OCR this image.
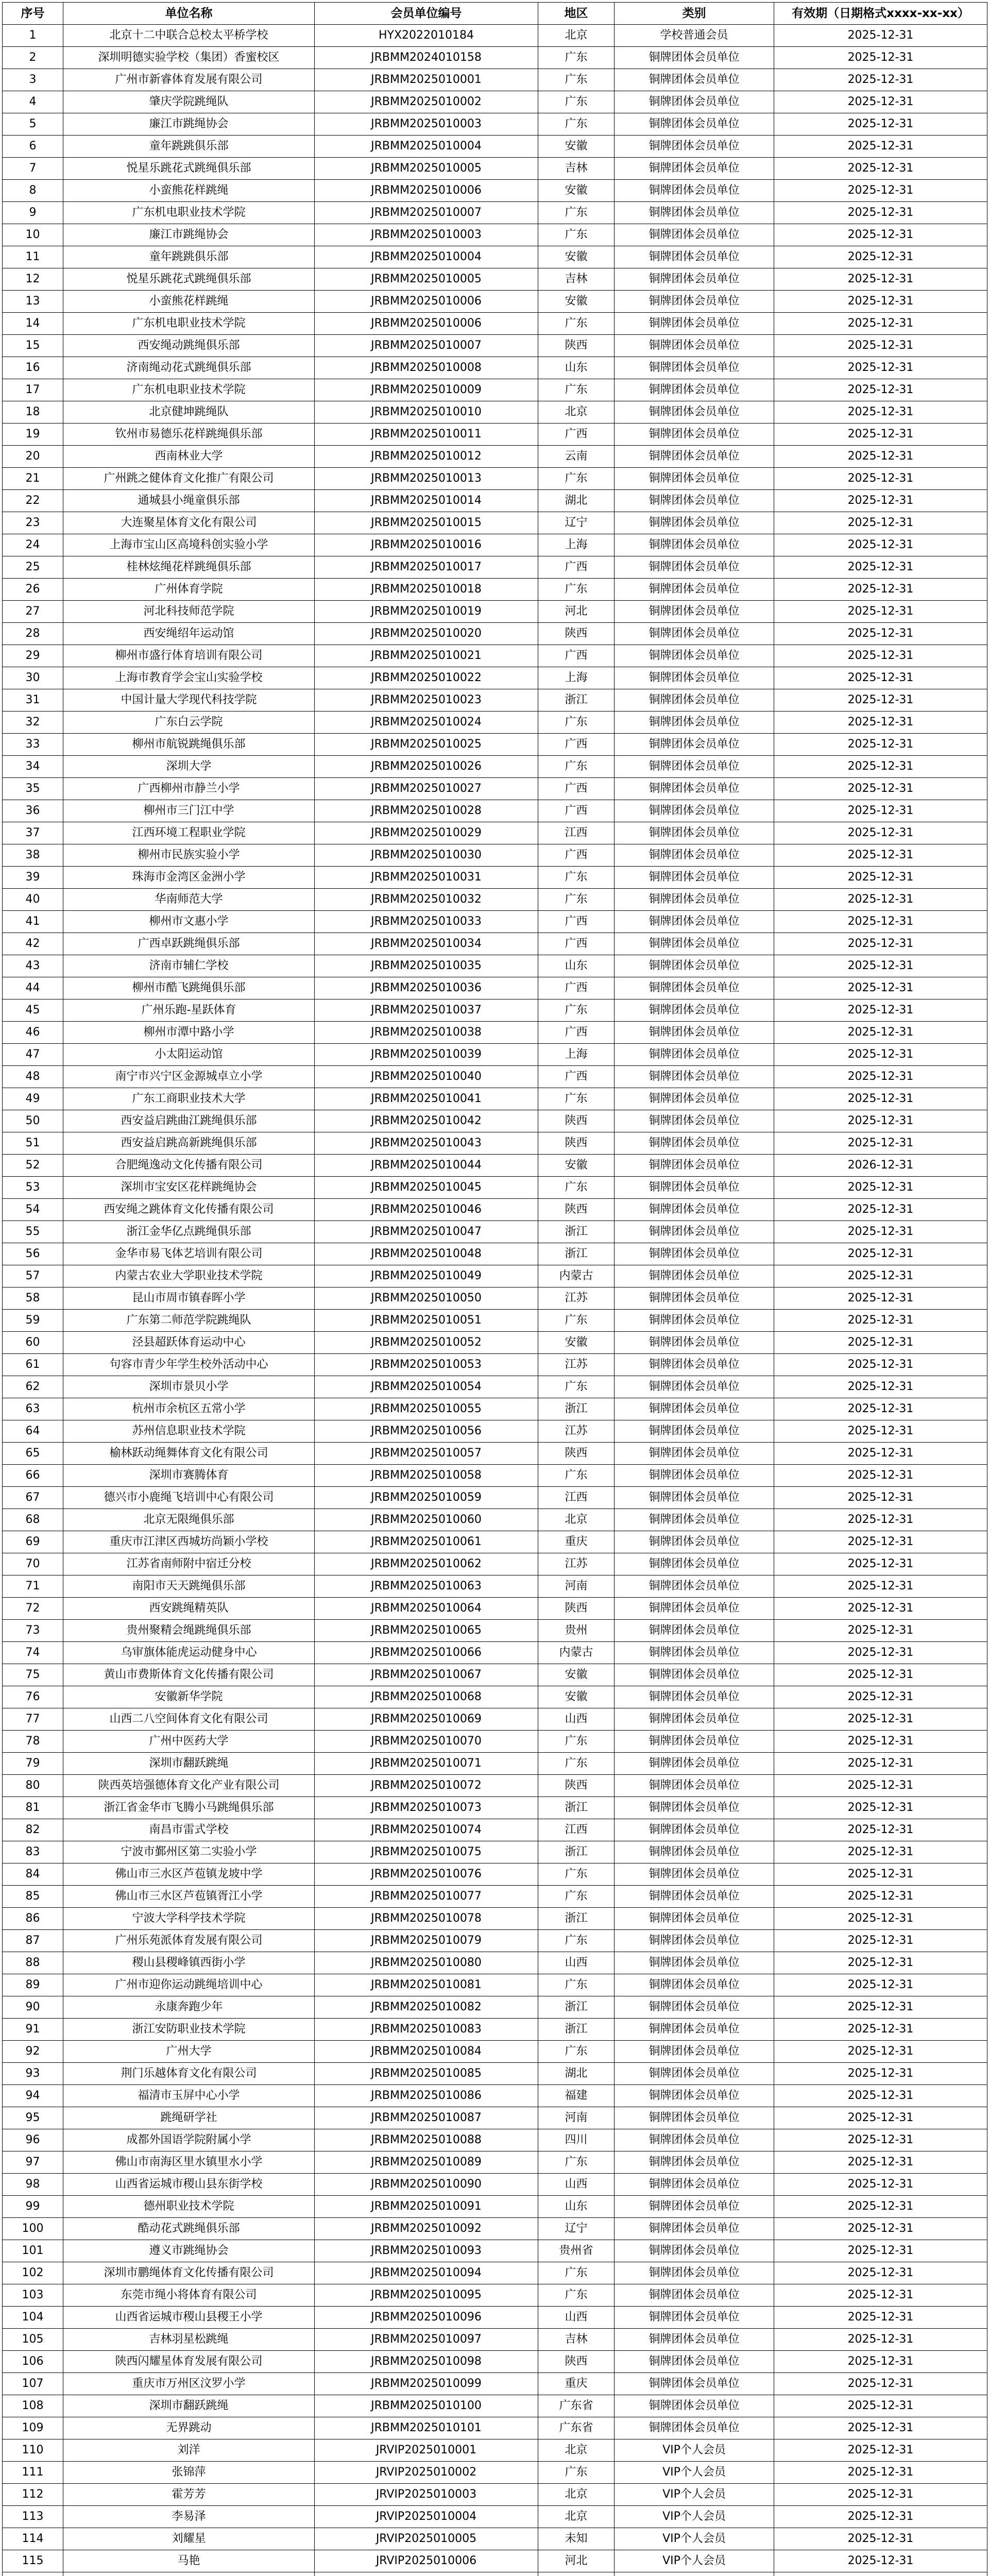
序号	单位名称	会员单位编号	地区	类别	有效期（日期格式xxxx-xx-xx）
1	北京十二中联合总校太平桥学校	HYX2022010184	北京	学校普通会员	2025-12-31
2	深圳明德实验学校（集团）香蜜校区	JRBMM2024010158	广东	铜牌团体会员单位	2025-12-31
3	广州市新睿体育发展有限公司	JRBMM2025010001	广东	铜牌团体会员单位	2025-12-31
4	肇庆学院跳绳队	JRBMM2025010002	广东	铜牌团体会员单位	2025-12-31
5	廉江市跳绳协会	JRBMM2025010003	广东	铜牌团体会员单位	2025-12-31
6	童年跳跳俱乐部	JRBMM2025010004	安徽	铜牌团体会员单位	2025-12-31
7	悦星乐跳花式跳绳俱乐部	JRBMM2025010005	吉林	铜牌团体会员单位	2025-12-31
8	小蛮熊花样跳绳	JRBMM2025010006	安徽	铜牌团体会员单位	2025-12-31
9	广东机电职业技术学院	JRBMM2025010007	广东	铜牌团体会员单位	2025-12-31
10	廉江市跳绳协会	JRBMM2025010003	广东	铜牌团体会员单位	2025-12-31
11	童年跳跳俱乐部	JRBMM2025010004	安徽	铜牌团体会员单位	2025-12-31
12	悦星乐跳花式跳绳俱乐部	JRBMM2025010005	吉林	铜牌团体会员单位	2025-12-31
13	小蛮熊花样跳绳	JRBMM2025010006	安徽	铜牌团体会员单位	2025-12-31
14	广东机电职业技术学院	JRBMM2025010006	广东	铜牌团体会员单位	2025-12-31
15	西安绳动跳绳俱乐部	JRBMM2025010007	陕西	铜牌团体会员单位	2025-12-31
16	济南绳动花式跳绳俱乐部	JRBMM2025010008	山东	铜牌团体会员单位	2025-12-31
17	广东机电职业技术学院	JRBMM2025010009	广东	铜牌团体会员单位	2025-12-31
18	北京健坤跳绳队	JRBMM2025010010	北京	铜牌团体会员单位	2025-12-31
19	钦州市易德乐花样跳绳俱乐部	JRBMM2025010011	广西	铜牌团体会员单位	2025-12-31
20	西南林业大学	JRBMM2025010012	云南	铜牌团体会员单位	2025-12-31
21	广州跳之健体育文化推广有限公司	JRBMM2025010013	广东	铜牌团体会员单位	2025-12-31
22	通城县小绳童俱乐部	JRBMM2025010014	湖北	铜牌团体会员单位	2025-12-31
23	大连聚星体育文化有限公司	JRBMM2025010015	辽宁	铜牌团体会员单位	2025-12-31
24	上海市宝山区高境科创实验小学	JRBMM2025010016	上海	铜牌团体会员单位	2025-12-31
25	桂林炫绳花样跳绳俱乐部	JRBMM2025010017	广西	铜牌团体会员单位	2025-12-31
26	广州体育学院	JRBMM2025010018	广东	铜牌团体会员单位	2025-12-31
27	河北科技师范学院	JRBMM2025010019	河北	铜牌团体会员单位	2025-12-31
28	西安绳绍年运动馆	JRBMM2025010020	陕西	铜牌团体会员单位	2025-12-31
29	柳州市盛行体育培训有限公司	JRBMM2025010021	广西	铜牌团体会员单位	2025-12-31
30	上海市教育学会宝山实验学校	JRBMM2025010022	上海	铜牌团体会员单位	2025-12-31
31	中国计量大学现代科技学院	JRBMM2025010023	浙江	铜牌团体会员单位	2025-12-31
32	广东白云学院	JRBMM2025010024	广东	铜牌团体会员单位	2025-12-31
33	柳州市航锐跳绳俱乐部	JRBMM2025010025	广西	铜牌团体会员单位	2025-12-31
34	深圳大学	JRBMM2025010026	广东	铜牌团体会员单位	2025-12-31
35	广西柳州市静兰小学	JRBMM2025010027	广西	铜牌团体会员单位	2025-12-31
36	柳州市三门江中学	JRBMM2025010028	广西	铜牌团体会员单位	2025-12-31
37	江西环境工程职业学院	JRBMM2025010029	江西	铜牌团体会员单位	2025-12-31
38	柳州市民族实验小学	JRBMM2025010030	广西	铜牌团体会员单位	2025-12-31
39	珠海市金湾区金洲小学	JRBMM2025010031	广东	铜牌团体会员单位	2025-12-31
40	华南师范大学	JRBMM2025010032	广东	铜牌团体会员单位	2025-12-31
41	柳州市文惠小学	JRBMM2025010033	广西	铜牌团体会员单位	2025-12-31
42	广西卓跃跳绳俱乐部	JRBMM2025010034	广西	铜牌团体会员单位	2025-12-31
43	济南市辅仁学校	JRBMM2025010035	山东	铜牌团体会员单位	2025-12-31
44	柳州市酷飞跳绳俱乐部	JRBMM2025010036	广西	铜牌团体会员单位	2025-12-31
45	广州乐跑-星跃体育	JRBMM2025010037	广东	铜牌团体会员单位	2025-12-31
46	柳州市潭中路小学	JRBMM2025010038	广西	铜牌团体会员单位	2025-12-31
47	小太阳运动馆	JRBMM2025010039	上海	铜牌团体会员单位	2025-12-31
48	南宁市兴宁区金源城卓立小学	JRBMM2025010040	广西	铜牌团体会员单位	2025-12-31
49	广东工商职业技术大学	JRBMM2025010041	广东	铜牌团体会员单位	2025-12-31
50	西安益启跳曲江跳绳俱乐部	JRBMM2025010042	陕西	铜牌团体会员单位	2025-12-31
51	西安益启跳高新跳绳俱乐部	JRBMM2025010043	陕西	铜牌团体会员单位	2025-12-31
52	合肥绳逸动文化传播有限公司	JRBMM2025010044	安徽	铜牌团体会员单位	2026-12-31
53	深圳市宝安区花样跳绳协会	JRBMM2025010045	广东	铜牌团体会员单位	2025-12-31
54	西安绳之跳体育文化传播有限公司	JRBMM2025010046	陕西	铜牌团体会员单位	2025-12-31
55	浙江金华亿点跳绳俱乐部	JRBMM2025010047	浙江	铜牌团体会员单位	2025-12-31
56	金华市易飞体艺培训有限公司	JRBMM2025010048	浙江	铜牌团体会员单位	2025-12-31
57	内蒙古农业大学职业技术学院	JRBMM2025010049	内蒙古	铜牌团体会员单位	2025-12-31
58	昆山市周市镇春晖小学	JRBMM2025010050	江苏	铜牌团体会员单位	2025-12-31
59	广东第二师范学院跳绳队	JRBMM2025010051	广东	铜牌团体会员单位	2025-12-31
60	泾县超跃体育运动中心	JRBMM2025010052	安徽	铜牌团体会员单位	2025-12-31
61	句容市青少年学生校外活动中心	JRBMM2025010053	江苏	铜牌团体会员单位	2025-12-31
62	深圳市景贝小学	JRBMM2025010054	广东	铜牌团体会员单位	2025-12-31
63	杭州市余杭区五常小学	JRBMM2025010055	浙江	铜牌团体会员单位	2025-12-31
64	苏州信息职业技术学院	JRBMM2025010056	江苏	铜牌团体会员单位	2025-12-31
65	榆林跃动绳舞体育文化有限公司	JRBMM2025010057	陕西	铜牌团体会员单位	2025-12-31
66	深圳市赛腾体育	JRBMM2025010058	广东	铜牌团体会员单位	2025-12-31
67	德兴市小鹿绳飞培训中心有限公司	JRBMM2025010059	江西	铜牌团体会员单位	2025-12-31
68	北京无限绳俱乐部	JRBMM2025010060	北京	铜牌团体会员单位	2025-12-31
69	重庆市江津区西城坊尚颖小学校	JRBMM2025010061	重庆	铜牌团体会员单位	2025-12-31
70	江苏省南师附中宿迁分校	JRBMM2025010062	江苏	铜牌团体会员单位	2025-12-31
71	南阳市天天跳绳俱乐部	JRBMM2025010063	河南	铜牌团体会员单位	2025-12-31
72	西安跳绳精英队	JRBMM2025010064	陕西	铜牌团体会员单位	2025-12-31
73	贵州聚精会绳跳绳俱乐部	JRBMM2025010065	贵州	铜牌团体会员单位	2025-12-31
74	乌审旗体能虎运动健身中心	JRBMM2025010066	内蒙古	铜牌团体会员单位	2025-12-31
75	黄山市费斯体育文化传播有限公司	JRBMM2025010067	安徽	铜牌团体会员单位	2025-12-31
76	安徽新华学院	JRBMM2025010068	安徽	铜牌团体会员单位	2025-12-31
77	山西二八空间体育文化有限公司	JRBMM2025010069	山西	铜牌团体会员单位	2025-12-31
78	广州中医药大学	JRBMM2025010070	广东	铜牌团体会员单位	2025-12-31
79	深圳市翻跃跳绳	JRBMM2025010071	广东	铜牌团体会员单位	2025-12-31
80	陕西英培强德体育文化产业有限公司	JRBMM2025010072	陕西	铜牌团体会员单位	2025-12-31
81	浙江省金华市飞腾小马跳绳俱乐部	JRBMM2025010073	浙江	铜牌团体会员单位	2025-12-31
82	南昌市雷式学校	JRBMM2025010074	江西	铜牌团体会员单位	2025-12-31
83	宁波市鄞州区第二实验小学	JRBMM2025010075	浙江	铜牌团体会员单位	2025-12-31
84	佛山市三水区芦苞镇龙坡中学	JRBMM2025010076	广东	铜牌团体会员单位	2025-12-31
85	佛山市三水区芦苞镇胥江小学	JRBMM2025010077	广东	铜牌团体会员单位	2025-12-31
86	宁波大学科学技术学院	JRBMM2025010078	浙江	铜牌团体会员单位	2025-12-31
87	广州乐苑派体育发展有限公司	JRBMM2025010079	广东	铜牌团体会员单位	2025-12-31
88	稷山县稷峰镇西街小学	JRBMM2025010080	山西	铜牌团体会员单位	2025-12-31
89	广州市迎你运动跳绳培训中心	JRBMM2025010081	广东	铜牌团体会员单位	2025-12-31
90	永康奔跑少年	JRBMM2025010082	浙江	铜牌团体会员单位	2025-12-31
91	浙江安防职业技术学院	JRBMM2025010083	浙江	铜牌团体会员单位	2025-12-31
92	广州大学	JRBMM2025010084	广东	铜牌团体会员单位	2025-12-31
93	荆门乐越体育文化有限公司	JRBMM2025010085	湖北	铜牌团体会员单位	2025-12-31
94	福清市玉屏中心小学	JRBMM2025010086	福建	铜牌团体会员单位	2025-12-31
95	跳绳研学社	JRBMM2025010087	河南	铜牌团体会员单位	2025-12-31
96	成都外国语学院附属小学	JRBMM2025010088	四川	铜牌团体会员单位	2025-12-31
97	佛山市南海区里水镇里水小学	JRBMM2025010089	广东	铜牌团体会员单位	2025-12-31
98	山西省运城市稷山县东街学校	JRBMM2025010090	山西	铜牌团体会员单位	2025-12-31
99	德州职业技术学院	JRBMM2025010091	山东	铜牌团体会员单位	2025-12-31
100	酷动花式跳绳俱乐部	JRBMM2025010092	辽宁	铜牌团体会员单位	2025-12-31
101	遵义市跳绳协会	JRBMM2025010093	贵州省	铜牌团体会员单位	2025-12-31
102	深圳市鹏绳体育文化传播有限公司	JRBMM2025010094	广东	铜牌团体会员单位	2025-12-31
103	东莞市绳小将体育有限公司	JRBMM2025010095	广东	铜牌团体会员单位	2025-12-31
104	山西省运城市稷山县稷王小学	JRBMM2025010096	山西	铜牌团体会员单位	2025-12-31
105	吉林羽星松跳绳	JRBMM2025010097	吉林	铜牌团体会员单位	2025-12-31
106	陕西闪耀星体育发展有限公司	JRBMM2025010098	陕西	铜牌团体会员单位	2025-12-31
107	重庆市万州区汶罗小学	JRBMM2025010099	重庆	铜牌团体会员单位	2025-12-31
108	深圳市翻跃跳绳	JRBMM2025010100	广东省	铜牌团体会员单位	2025-12-31
109	无界跳动	JRBMM2025010101	广东省	铜牌团体会员单位	2025-12-31
110	刘洋	JRVIP2025010001	北京	VIP个人会员	2025-12-31
111	张锦萍	JRVIP2025010002	广东	VIP个人会员	2025-12-31
112	霍芳芳	JRVIP2025010003	北京	VIP个人会员	2025-12-31
113	李易泽	JRVIP2025010004	北京	VIP个人会员	2025-12-31
114	刘耀星	JRVIP2025010005	未知	VIP个人会员	2025-12-31
115	马艳	JRVIP2025010006	河北	VIP个人会员	2025-12-31
